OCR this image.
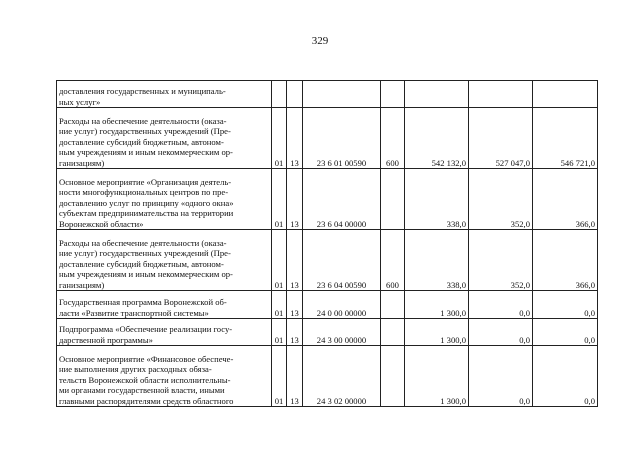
329
доставления государственных и муниципаль-
ных услуг»							

Расходы на обеспечение деятельности (оказа-
ние услуг) государственных учреждений (Пре-
доставление субсидий бюджетным, автоном-
ным учреждениям и иным некоммерческим ор-
ганизациям)	01	13	23 6 01 00590	600	542 132,0	527 047,0	546 721,0

Основное мероприятие «Организация деятель-
ности многофункциональных центров по пре-
доставлению услуг по принципу «одного окна»
субъектам предпринимательства на территории
Воронежской области»	01	13	23 6 04 00000		338,0	352,0	366,0

Расходы на обеспечение деятельности (оказа-
ние услуг) государственных учреждений (Пре-
доставление субсидий бюджетным, автоном-
ным учреждениям и иным некоммерческим ор-
ганизациям)	01	13	23 6 04 00590	600	338,0	352,0	366,0

Государственная программа Воронежской об-
ласти «Развитие транспортной системы»	01	13	24 0 00 00000		1 300,0	0,0	0,0

Подпрограмма «Обеспечение реализации госу-
дарственной программы»	01	13	24 3 00 00000		1 300,0	0,0	0,0

Основное мероприятие «Финансовое обеспече-
ние выполнения других расходных обяза-
тельств Воронежской области исполнительны-
ми органами государственной власти, иными
главными распорядителями средств областного	01	13	24 3 02 00000		1 300,0	0,0	0,0
